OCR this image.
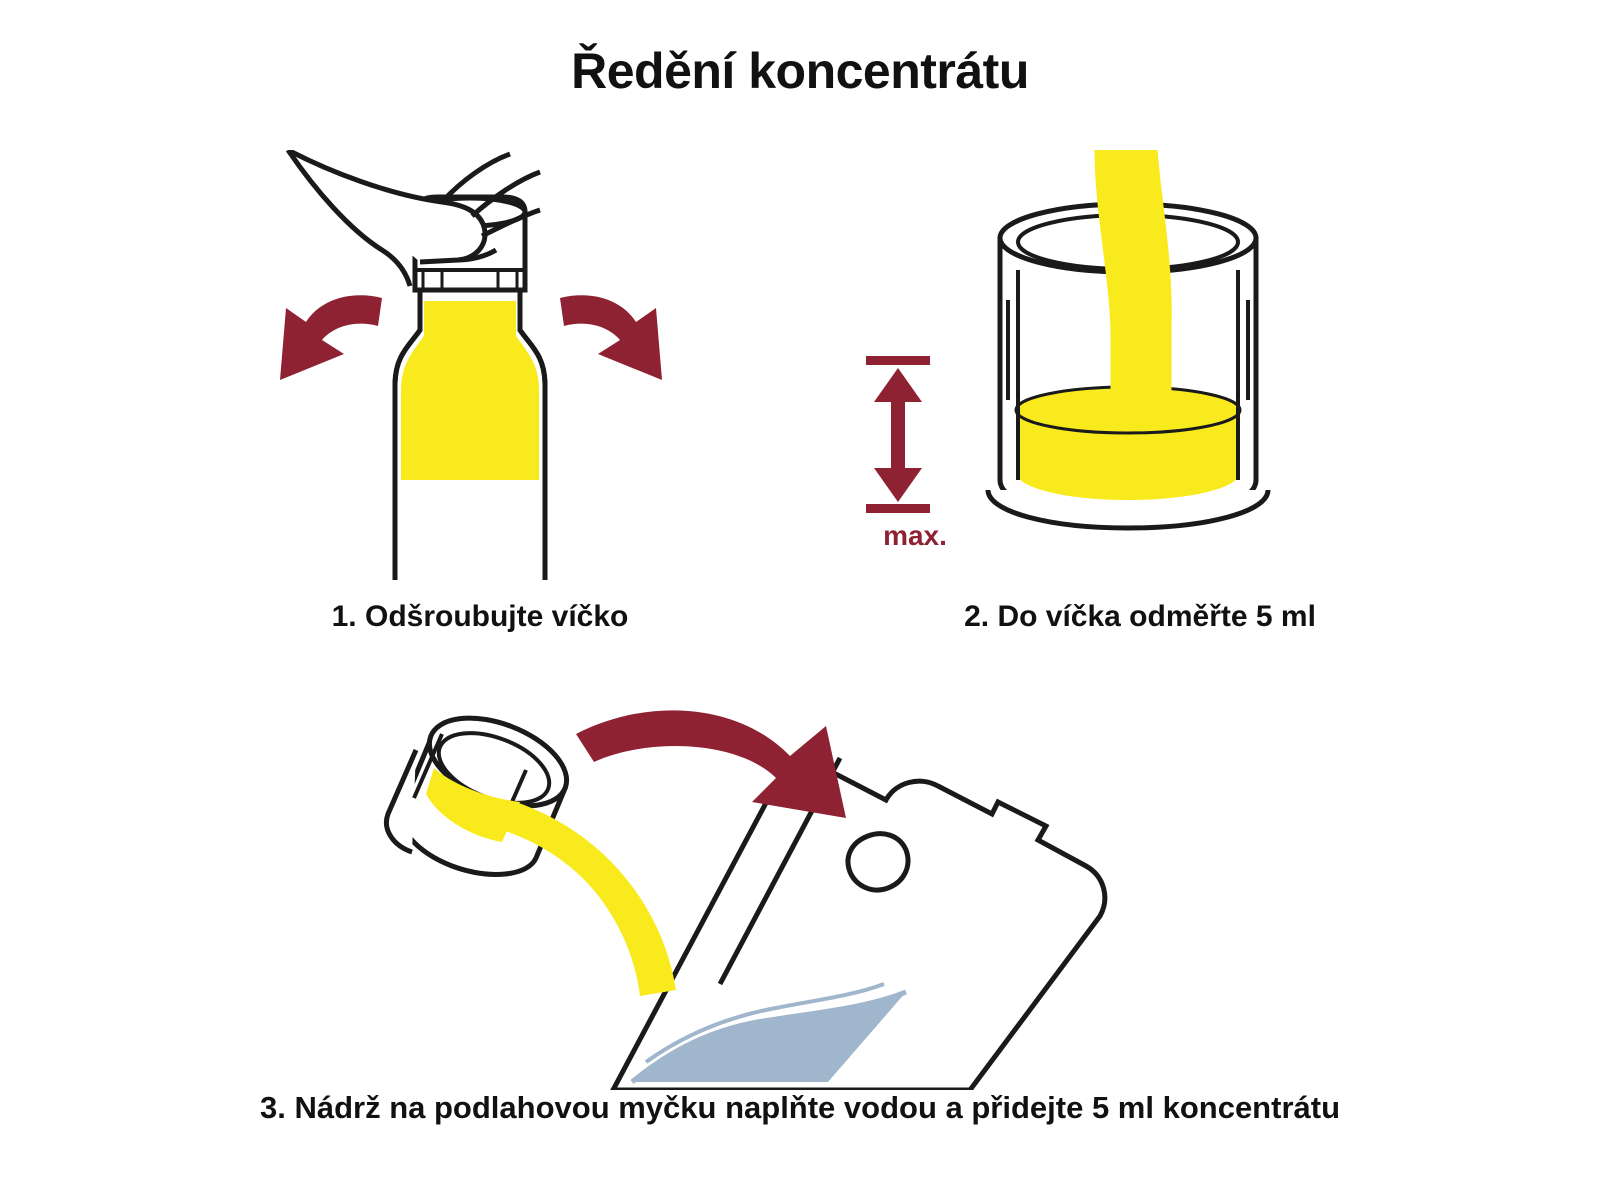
Ředění koncentrátu
1. Odšroubujte víčko
max.
2. Do víčka odměřte 5 ml
3. Nádrž na podlahovou myčku naplňte vodou a přidejte 5 ml koncentrátu
